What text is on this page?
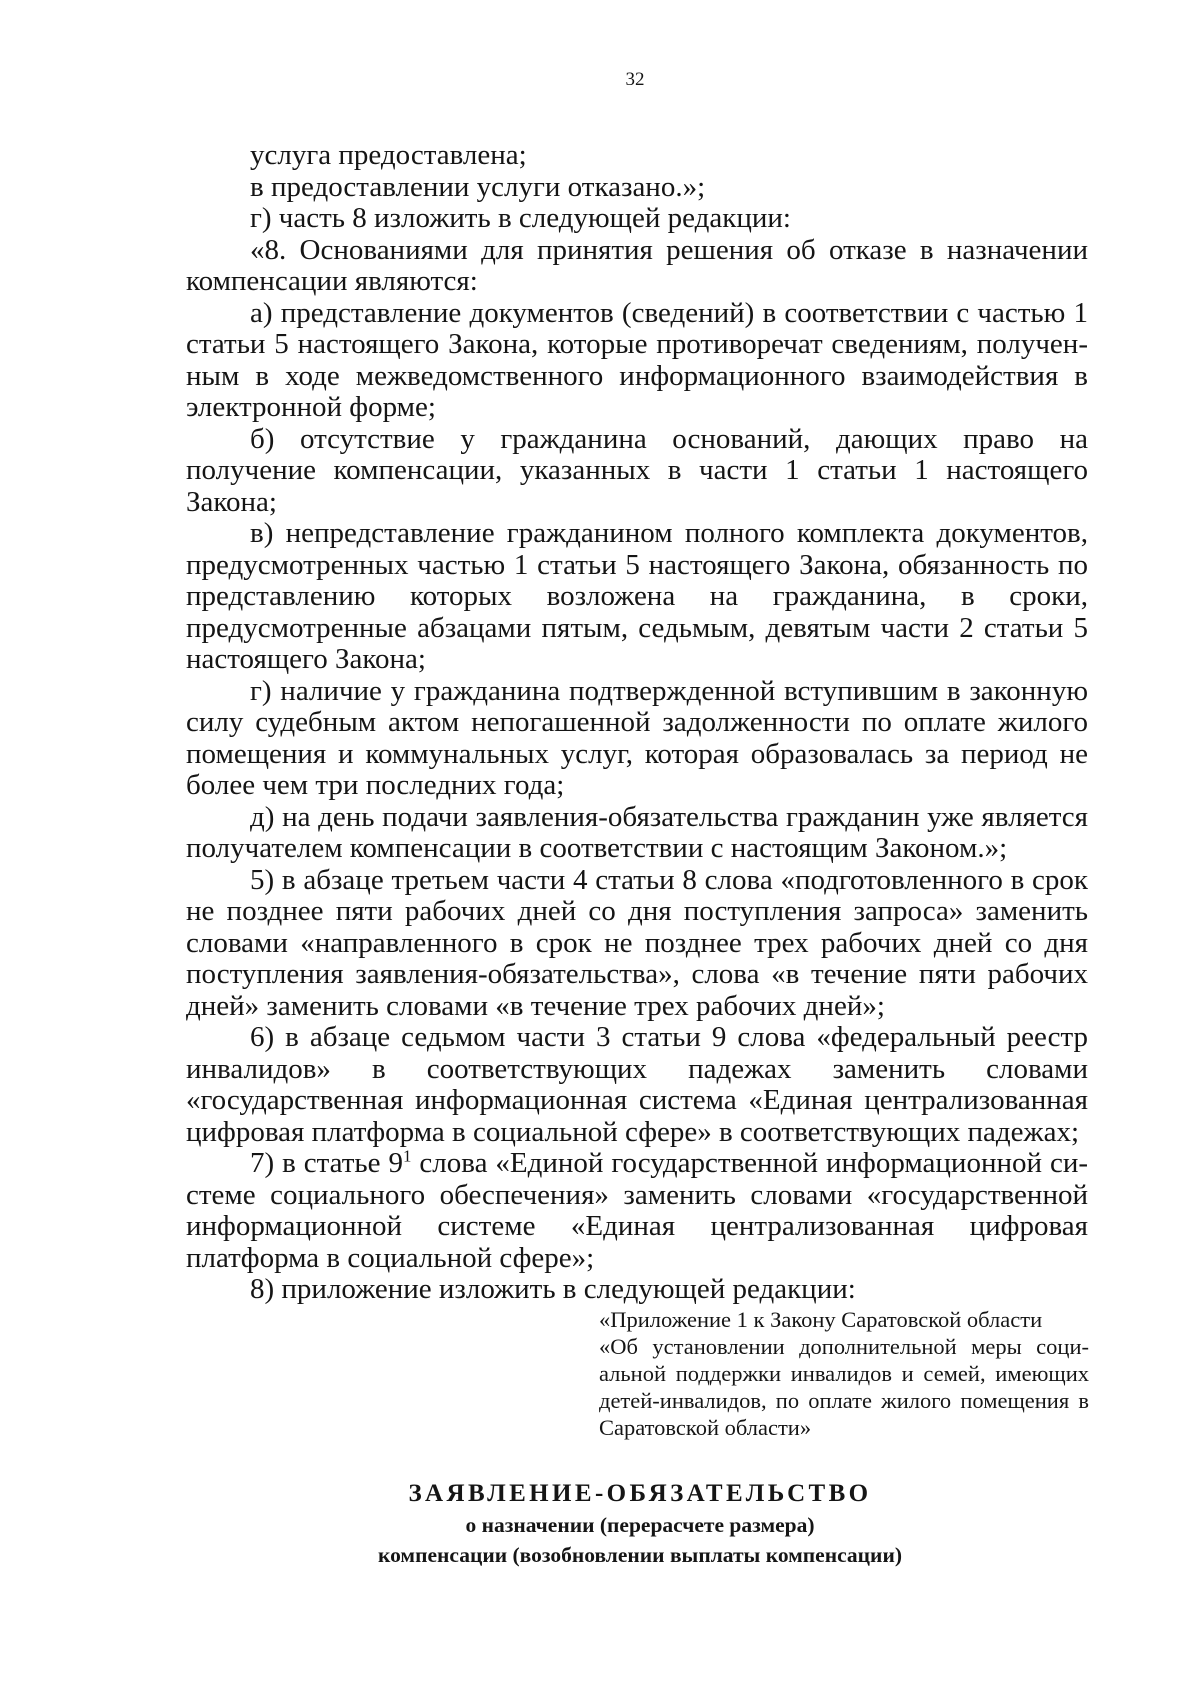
32

услуга предоставлена;

в предоставлении услуги отказано.»;

г) часть 8 изложить в следующей редакции:

«8. Основаниями для принятия решения об отказе в назначении компенсации являются:

а) представление документов (сведений) в соответствии с частью 1 статьи 5 настоящего Закона, которые противоречат сведениям, полученным в ходе межведомственного информационного взаимодействия в электронной форме;

б) отсутствие у гражданина оснований, дающих право на получение компенсации, указанных в части 1 статьи 1 настоящего Закона;

в) непредставление гражданином полного комплекта документов, предусмотренных частью 1 статьи 5 настоящего Закона, обязанность по представлению которых возложена на гражданина, в сроки, предусмотренные абзацами пятым, седьмым, девятым части 2 статьи 5 настоящего Закона;

г) наличие у гражданина подтвержденной вступившим в законную силу судебным актом непогашенной задолженности по оплате жилого помещения и коммунальных услуг, которая образовалась за период не более чем три последних года;

д) на день подачи заявления-обязательства гражданин уже является получателем компенсации в соответствии с настоящим Законом.»;

5) в абзаце третьем части 4 статьи 8 слова «подготовленного в срок не позднее пяти рабочих дней со дня поступления запроса» заменить словами «направленного в срок не позднее трех рабочих дней со дня поступления заявления-обязательства», слова «в течение пяти рабочих дней» заменить словами «в течение трех рабочих дней»;

6) в абзаце седьмом части 3 статьи 9 слова «федеральный реестр инвалидов» в соответствующих падежах заменить словами «государственная информационная система «Единая централизованная цифровая платформа в социальной сфере» в соответствующих падежах;

7) в статье $9^1$ слова «Единой государственной информационной системе социального обеспечения» заменить словами «государственной информационной системе «Единая централизованная цифровая платформа в социальной сфере»;

8) приложение изложить в следующей редакции:

«Приложение 1 к Закону Саратовской области
«Об установлении дополнительной меры социальной поддержки инвалидов и семей, имеющих детей-инвалидов, по оплате жилого помещения в Саратовской области»
ЗАЯВЛЕНИЕ-ОБЯЗАТЕЛЬСТВО
о назначении (перерасчете размера)
компенсации (возобновлении выплаты компенсации)
